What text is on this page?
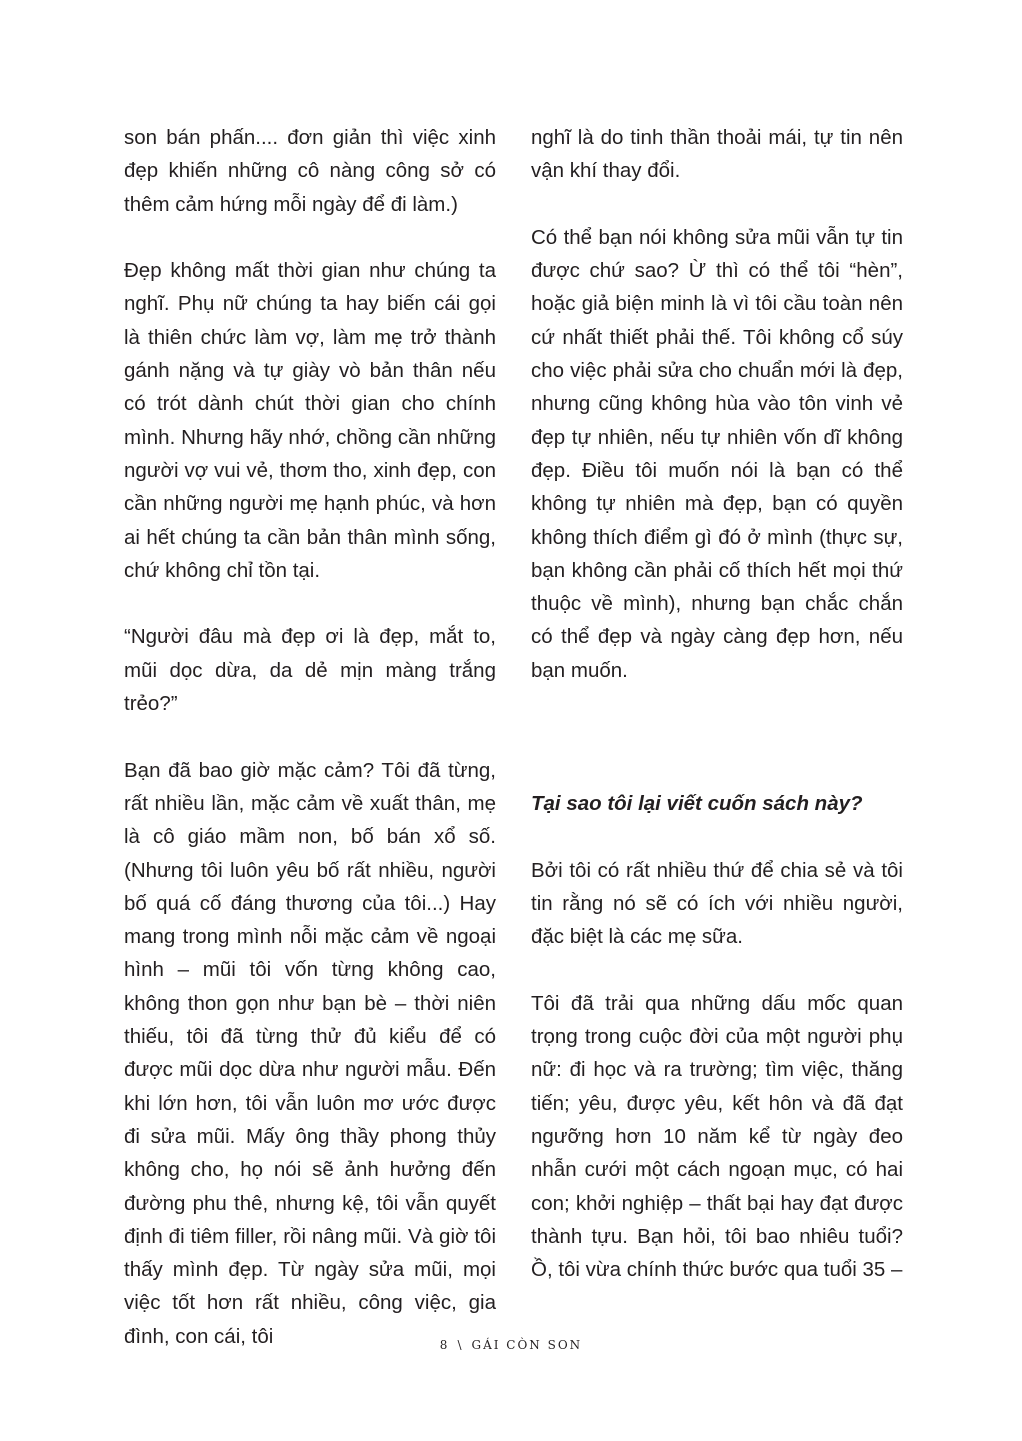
son bán phấn.... đơn giản thì việc xinh đẹp khiến những cô nàng công sở có thêm cảm hứng mỗi ngày để đi làm.)

Đẹp không mất thời gian như chúng ta nghĩ. Phụ nữ chúng ta hay biến cái gọi là thiên chức làm vợ, làm mẹ trở thành gánh nặng và tự giày vò bản thân nếu có trót dành chút thời gian cho chính mình. Nhưng hãy nhớ, chồng cần những người vợ vui vẻ, thơm tho, xinh đẹp, con cần những người mẹ hạnh phúc, và hơn ai hết chúng ta cần bản thân mình sống, chứ không chỉ tồn tại.

“Người đâu mà đẹp ơi là đẹp, mắt to, mũi dọc dừa, da dẻ mịn màng trắng trẻo?”

Bạn đã bao giờ mặc cảm? Tôi đã từng, rất nhiều lần, mặc cảm về xuất thân, mẹ là cô giáo mầm non, bố bán xổ số. (Nhưng tôi luôn yêu bố rất nhiều, người bố quá cố đáng thương của tôi...) Hay mang trong mình nỗi mặc cảm về ngoại hình – mũi tôi vốn từng không cao, không thon gọn như bạn bè – thời niên thiếu, tôi đã từng thử đủ kiểu để có được mũi dọc dừa như người mẫu. Đến khi lớn hơn, tôi vẫn luôn mơ ước được đi sửa mũi. Mấy ông thầy phong thủy không cho, họ nói sẽ ảnh hưởng đến đường phu thê, nhưng kệ, tôi vẫn quyết định đi tiêm filler, rồi nâng mũi. Và giờ tôi thấy mình đẹp. Từ ngày sửa mũi, mọi việc tốt hơn rất nhiều, công việc, gia đình, con cái, tôi

nghĩ là do tinh thần thoải mái, tự tin nên vận khí thay đổi.

Có thể bạn nói không sửa mũi vẫn tự tin được chứ sao? Ừ thì có thể tôi “hèn”, hoặc giả biện minh là vì tôi cầu toàn nên cứ nhất thiết phải thế. Tôi không cổ súy cho việc phải sửa cho chuẩn mới là đẹp, nhưng cũng không hùa vào tôn vinh vẻ đẹp tự nhiên, nếu tự nhiên vốn dĩ không đẹp. Điều tôi muốn nói là bạn có thể không tự nhiên mà đẹp, bạn có quyền không thích điểm gì đó ở mình (thực sự, bạn không cần phải cố thích hết mọi thứ thuộc về mình), nhưng bạn chắc chắn có thể đẹp và ngày càng đẹp hơn, nếu bạn muốn.

Tại sao tôi lại viết cuốn sách này?

Bởi tôi có rất nhiều thứ để chia sẻ và tôi tin rằng nó sẽ có ích với nhiều người, đặc biệt là các mẹ sữa.

Tôi đã trải qua những dấu mốc quan trọng trong cuộc đời của một người phụ nữ: đi học và ra trường; tìm việc, thăng tiến; yêu, được yêu, kết hôn và đã đạt ngưỡng hơn 10 năm kể từ ngày đeo nhẫn cưới một cách ngoạn mục, có hai con; khởi nghiệp – thất bại hay đạt được thành tựu. Bạn hỏi, tôi bao nhiêu tuổi? Ồ, tôi vừa chính thức bước qua tuổi 35 –

8 \ GÁI CÒN SON
